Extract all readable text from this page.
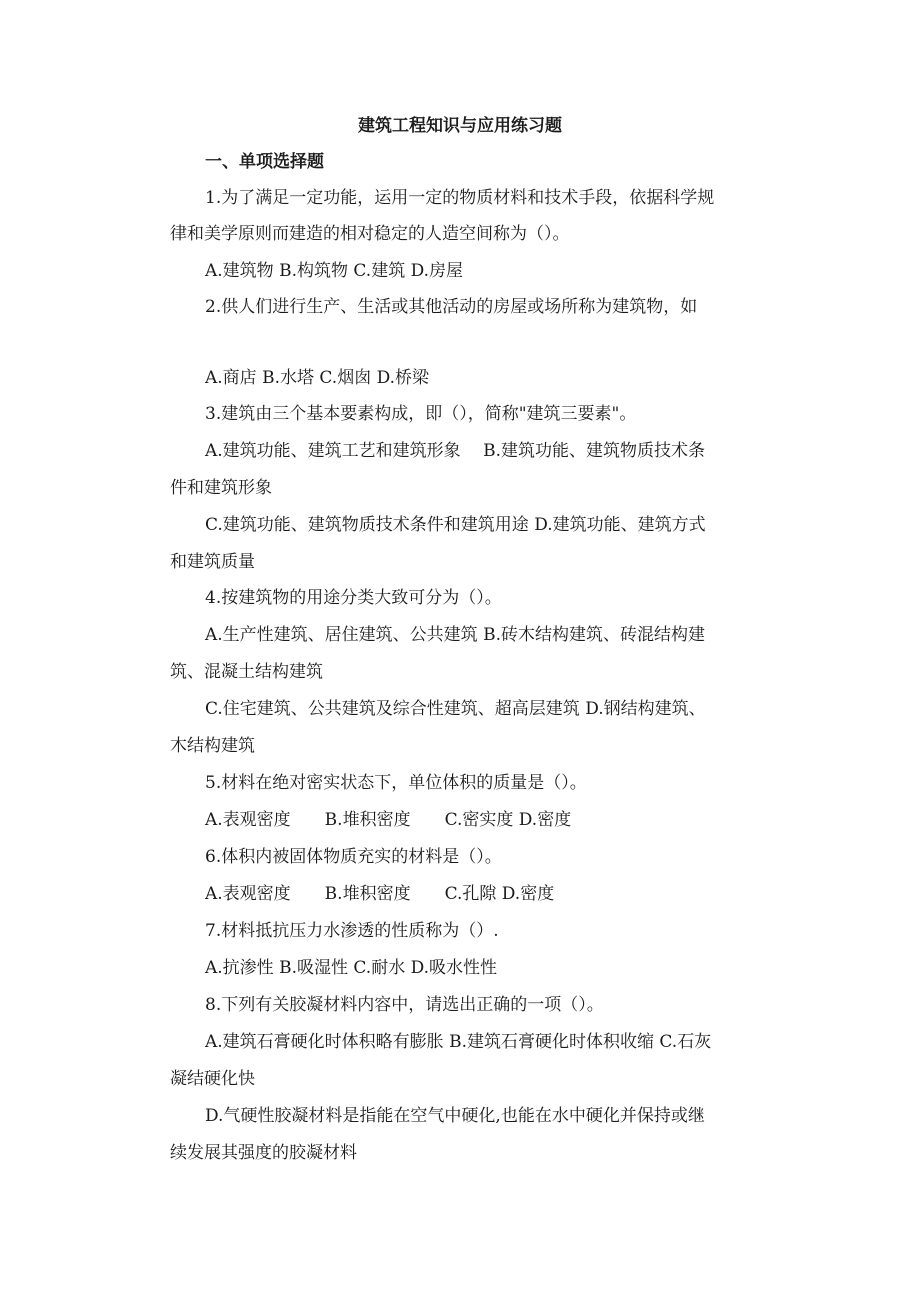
建筑工程知识与应用练习题
一、单项选择题
1.为了满足一定功能，运用一定的物质材料和技术手段，依据科学规
律和美学原则而建造的相对稳定的人造空间称为（）。
A.建筑物 B.构筑物 C.建筑 D.房屋
2.供人们进行生产、生活或其他活动的房屋或场所称为建筑物，如
A.商店 B.水塔 C.烟囱 D.桥梁
3.建筑由三个基本要素构成，即（），简称"建筑三要素"。
A.建筑功能、建筑工艺和建筑形象　 B.建筑功能、建筑物质技术条
件和建筑形象
C.建筑功能、建筑物质技术条件和建筑用途 D.建筑功能、建筑方式
和建筑质量
4.按建筑物的用途分类大致可分为（）。
A.生产性建筑、居住建筑、公共建筑 B.砖木结构建筑、砖混结构建
筑、混凝土结构建筑
C.住宅建筑、公共建筑及综合性建筑、超高层建筑 D.钢结构建筑、
木结构建筑
5.材料在绝对密实状态下，单位体积的质量是（）。
A.表观密度　　B.堆积密度　　C.密实度 D.密度
6.体积内被固体物质充实的材料是（）。
A.表观密度　　B.堆积密度　　C.孔隙 D.密度
7.材料抵抗压力水渗透的性质称为（）.
A.抗渗性 B.吸湿性 C.耐水 D.吸水性性
8.下列有关胶凝材料内容中，请选出正确的一项（）。
A.建筑石膏硬化时体积略有膨胀 B.建筑石膏硬化时体积收缩 C.石灰
凝结硬化快
D.气硬性胶凝材料是指能在空气中硬化,也能在水中硬化并保持或继
续发展其强度的胶凝材料
